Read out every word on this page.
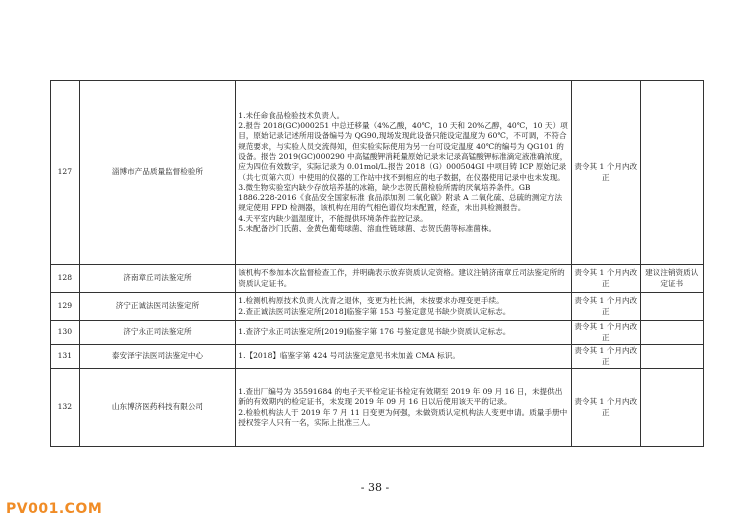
127	淄博市产品质量监督检验所	1.未任命食品检验技术负责人。

2.报告 2018(GC)000251 中总迁移量（4%乙酸，40℃，10 天和 20%乙醇，40℃，10 天）项目，原始记录记述所用设备编号为 QG90,现场发现此设备只能设定温度为 60℃，不可调，不符合规范要求，与实验人员交流得知，但实验实际使用为另一台可设定温度 40℃的编号为 QG101 的设备。报告 2019(GC)000290 中高锰酸钾消耗量原始记录未记录高锰酸钾标准滴定液准确浓度，应为四位有效数字，实际记录为 0.01mol/L.报告 2018（G）000504GI 中项目铸 ICP 原始记录（共七页第六页）中使用的仪器的工作站中找不到相应的电子数据，在仪器使用记录中也未发现。

3.微生物实验室内缺少存放培养基的冰箱，缺少志贺氏菌检验所需的厌氧培养条件。GB 1886.228-2016《食品安全国家标准 食品添加剂 二氧化碳》附录 A 二氧化硫、总硫的测定方法规定使用 FPD 检测器，该机构在用的气相色谱仪均未配置，经查，未出具检测报告。

4.天平室内缺少温湿度计，不能提供环境条件监控记录。

5.未配备沙门氏菌、金黄色葡萄球菌、溶血性链球菌、志贺氏菌等标准菌株。	责令其 1 个月内改正	
128	济南章丘司法鉴定所	该机构不参加本次监督检查工作，并明确表示放弃资质认定资格。建议注销济南章丘司法鉴定所的资质认定证书。	责令其 1 个月内改正	建议注销资质认定证书
129	济宁正诚法医司法鉴定所	1.检测机构原技术负责人沈青之退休，变更为杜长洲，未按要求办理变更手续。

2.查正诚法医司法鉴定所[2018]临鉴字第 153 号鉴定意见书缺少资质认定标志。	责令其 1 个月内改正	
130	济宁永正司法鉴定所	1.查济宁永正司法鉴定所[2019]临鉴字第 176 号鉴定意见书缺少资质认定标志。	责令其 1 个月内改正	
131	泰安泽宇法医司法鉴定中心	1.【2018】临鉴字第 424 号司法鉴定意见书未加盖 CMA 标识。	责令其 1 个月内改正	
132	山东博济医药科技有限公司	1.查出厂编号为 35591684 的电子天平检定证书检定有效期至 2019 年 09 月 16 日，未提供出新的有效期内的检定证书，未发现 2019 年 09 月 16 日以后使用该天平的记录。

2.检验机构法人于 2019 年 7 月 11 日变更为何强，未做资质认定机构法人变更申请。质量手册中授权签字人只有一名，实际上批准三人。	责令其 1 个月内改正	
- 38 -
PV001.COM
